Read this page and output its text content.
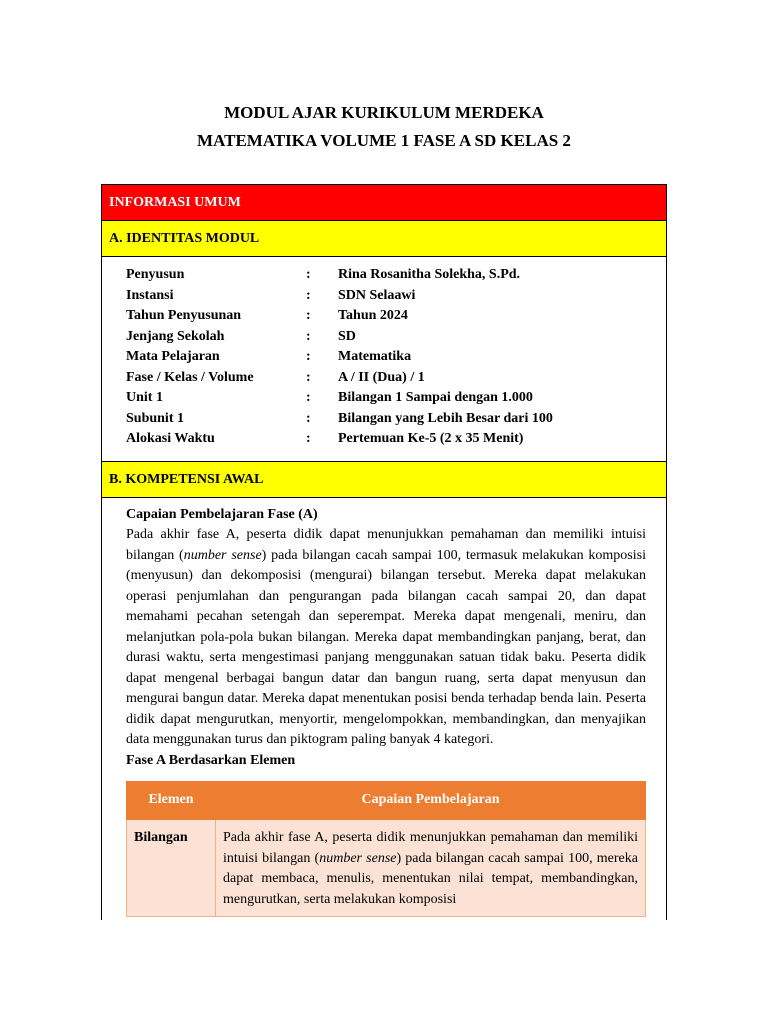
MODUL AJAR KURIKULUM MERDEKA
MATEMATIKA VOLUME 1 FASE A SD KELAS 2
INFORMASI UMUM
A. IDENTITAS MODUL
Penyusun	:	Rina Rosanitha Solekha, S.Pd.
Instansi	:	SDN Selaawi
Tahun Penyusunan	:	Tahun 2024
Jenjang Sekolah	:	SD
Mata Pelajaran	:	Matematika
Fase / Kelas / Volume	:	A / II (Dua) / 1
Unit 1	:	Bilangan 1 Sampai dengan 1.000
Subunit 1	:	Bilangan yang Lebih Besar dari 100
Alokasi Waktu	:	Pertemuan Ke-5 (2 x 35 Menit)
B. KOMPETENSI AWAL
Capaian Pembelajaran Fase (A)
Pada akhir fase A, peserta didik dapat menunjukkan pemahaman dan memiliki intuisi bilangan (number sense) pada bilangan cacah sampai 100, termasuk melakukan komposisi (menyusun) dan dekomposisi (mengurai) bilangan tersebut. Mereka dapat melakukan operasi penjumlahan dan pengurangan pada bilangan cacah sampai 20, dan dapat memahami pecahan setengah dan seperempat. Mereka dapat mengenali, meniru, dan melanjutkan pola-pola bukan bilangan. Mereka dapat membandingkan panjang, berat, dan durasi waktu, serta mengestimasi panjang menggunakan satuan tidak baku. Peserta didik dapat mengenal berbagai bangun datar dan bangun ruang, serta dapat menyusun dan mengurai bangun datar. Mereka dapat menentukan posisi benda terhadap benda lain. Peserta didik dapat mengurutkan, menyortir, mengelompokkan, membandingkan, dan menyajikan data menggunakan turus dan piktogram paling banyak 4 kategori.
Fase A Berdasarkan Elemen
Elemen	Capaian Pembelajaran
Bilangan	Pada akhir fase A, peserta didik menunjukkan pemahaman dan memiliki intuisi bilangan (number sense) pada bilangan cacah sampai 100, mereka dapat membaca, menulis, menentukan nilai tempat, membandingkan, mengurutkan, serta melakukan komposisi
